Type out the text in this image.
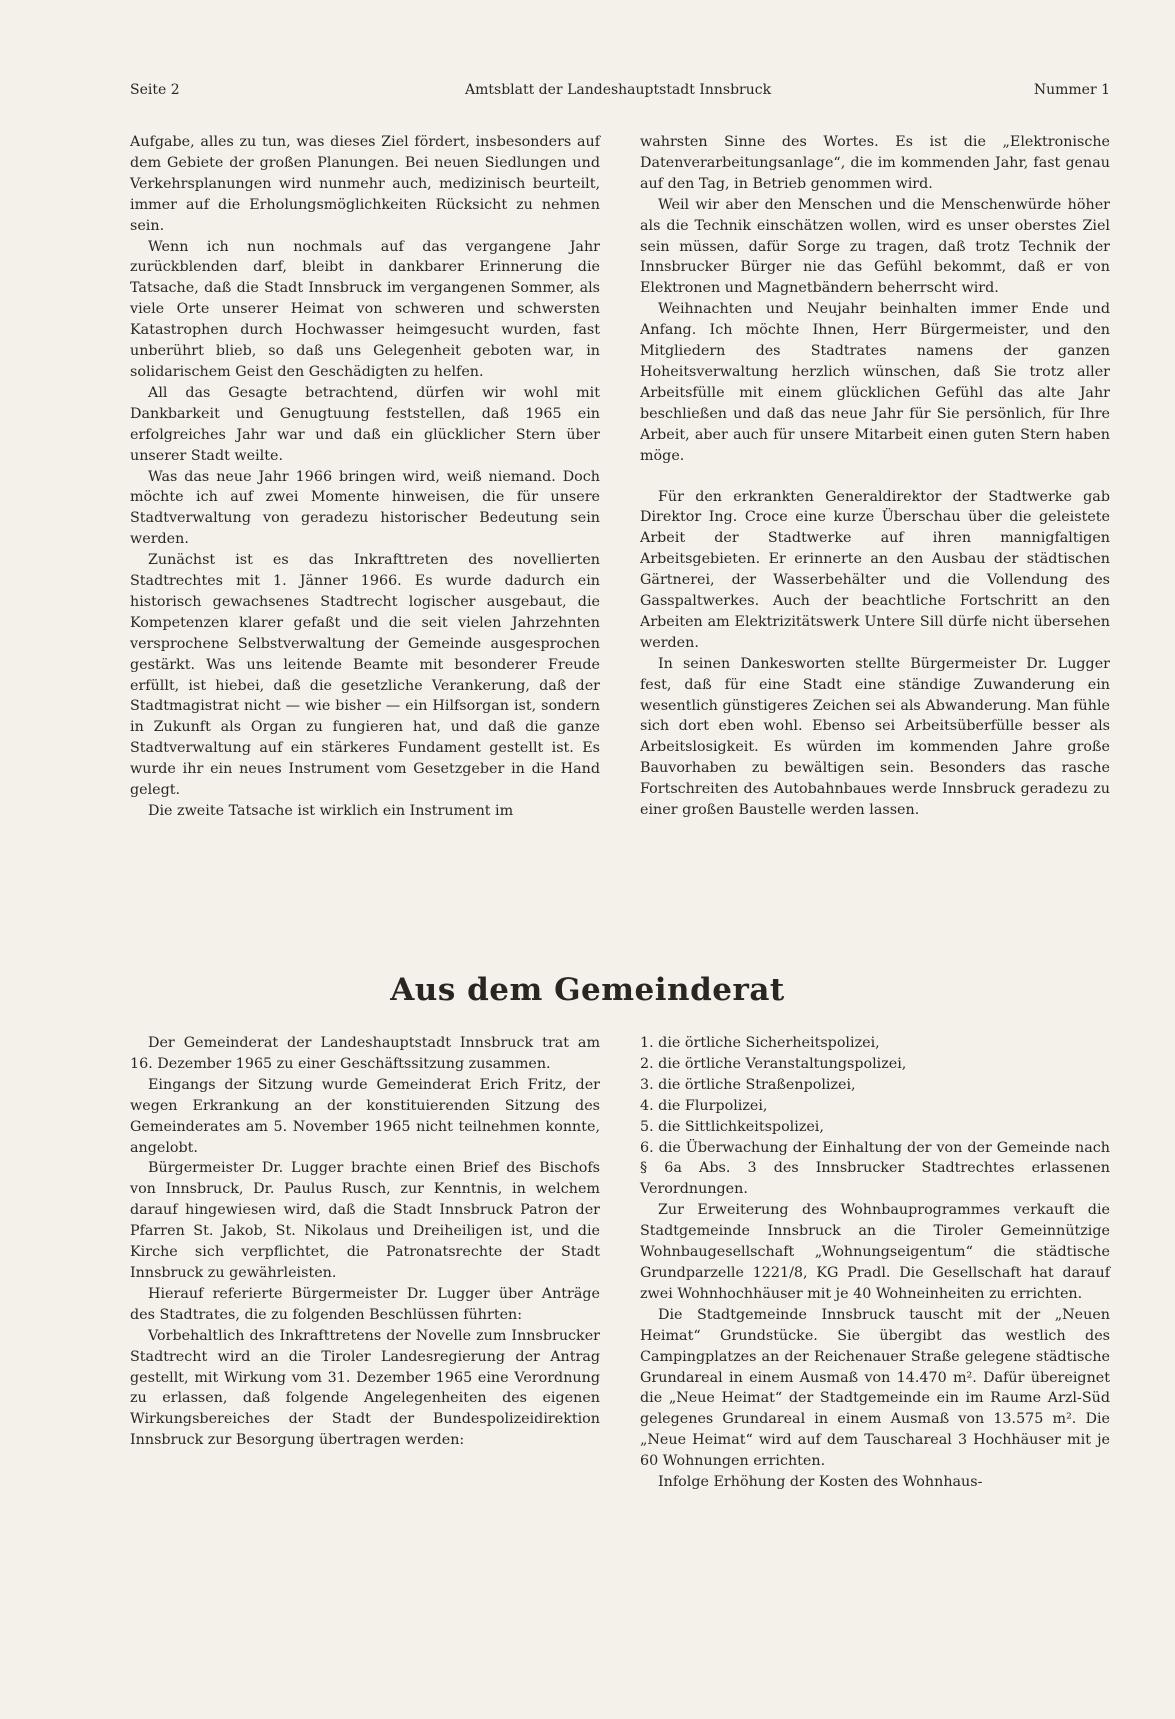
Seite 2	Amtsblatt der Landeshauptstadt Innsbruck	Nummer 1

Aufgabe, alles zu tun, was dieses Ziel fördert, insbesonders auf dem Gebiete der großen Planungen. Bei neuen Siedlungen und Verkehrsplanungen wird nunmehr auch, medizinisch beurteilt, immer auf die Erholungsmöglichkeiten Rücksicht zu nehmen sein.

Wenn ich nun nochmals auf das vergangene Jahr zurückblenden darf, bleibt in dankbarer Erinnerung die Tatsache, daß die Stadt Innsbruck im vergangenen Sommer, als viele Orte unserer Heimat von schweren und schwersten Katastrophen durch Hochwasser heimgesucht wurden, fast unberührt blieb, so daß uns Gelegenheit geboten war, in solidarischem Geist den Geschädigten zu helfen.

All das Gesagte betrachtend, dürfen wir wohl mit Dankbarkeit und Genugtuung feststellen, daß 1965 ein erfolgreiches Jahr war und daß ein glücklicher Stern über unserer Stadt weilte.

Was das neue Jahr 1966 bringen wird, weiß niemand. Doch möchte ich auf zwei Momente hinweisen, die für unsere Stadtverwaltung von geradezu historischer Bedeutung sein werden.

Zunächst ist es das Inkrafttreten des novellierten Stadtrechtes mit 1. Jänner 1966. Es wurde dadurch ein historisch gewachsenes Stadtrecht logischer ausgebaut, die Kompetenzen klarer gefaßt und die seit vielen Jahrzehnten versprochene Selbstverwaltung der Gemeinde ausgesprochen gestärkt. Was uns leitende Beamte mit besonderer Freude erfüllt, ist hiebei, daß die gesetzliche Verankerung, daß der Stadtmagistrat nicht — wie bisher — ein Hilfsorgan ist, sondern in Zukunft als Organ zu fungieren hat, und daß die ganze Stadtverwaltung auf ein stärkeres Fundament gestellt ist. Es wurde ihr ein neues Instrument vom Gesetzgeber in die Hand gelegt.

Die zweite Tatsache ist wirklich ein Instrument im

wahrsten Sinne des Wortes. Es ist die „Elektronische Datenverarbeitungsanlage“, die im kommenden Jahr, fast genau auf den Tag, in Betrieb genommen wird.

Weil wir aber den Menschen und die Menschenwürde höher als die Technik einschätzen wollen, wird es unser oberstes Ziel sein müssen, dafür Sorge zu tragen, daß trotz Technik der Innsbrucker Bürger nie das Gefühl bekommt, daß er von Elektronen und Magnetbändern beherrscht wird.

Weihnachten und Neujahr beinhalten immer Ende und Anfang. Ich möchte Ihnen, Herr Bürgermeister, und den Mitgliedern des Stadtrates namens der ganzen Hoheitsverwaltung herzlich wünschen, daß Sie trotz aller Arbeitsfülle mit einem glücklichen Gefühl das alte Jahr beschließen und daß das neue Jahr für Sie persönlich, für Ihre Arbeit, aber auch für unsere Mitarbeit einen guten Stern haben möge.

Für den erkrankten Generaldirektor der Stadtwerke gab Direktor Ing. Croce eine kurze Überschau über die geleistete Arbeit der Stadtwerke auf ihren mannigfaltigen Arbeitsgebieten. Er erinnerte an den Ausbau der städtischen Gärtnerei, der Wasserbehälter und die Vollendung des Gasspaltwerkes. Auch der beachtliche Fortschritt an den Arbeiten am Elektrizitätswerk Untere Sill dürfe nicht übersehen werden.

In seinen Dankesworten stellte Bürgermeister Dr. Lugger fest, daß für eine Stadt eine ständige Zuwanderung ein wesentlich günstigeres Zeichen sei als Abwanderung. Man fühle sich dort eben wohl. Ebenso sei Arbeitsüberfülle besser als Arbeitslosigkeit. Es würden im kommenden Jahre große Bauvorhaben zu bewältigen sein. Besonders das rasche Fortschreiten des Autobahnbaues werde Innsbruck geradezu zu einer großen Baustelle werden lassen.

Aus dem Gemeinderat

Der Gemeinderat der Landeshauptstadt Innsbruck trat am 16. Dezember 1965 zu einer Geschäftssitzung zusammen.

Eingangs der Sitzung wurde Gemeinderat Erich Fritz, der wegen Erkrankung an der konstituierenden Sitzung des Gemeinderates am 5. November 1965 nicht teilnehmen konnte, angelobt.

Bürgermeister Dr. Lugger brachte einen Brief des Bischofs von Innsbruck, Dr. Paulus Rusch, zur Kenntnis, in welchem darauf hingewiesen wird, daß die Stadt Innsbruck Patron der Pfarren St. Jakob, St. Nikolaus und Dreiheiligen ist, und die Kirche sich verpflichtet, die Patronatsrechte der Stadt Innsbruck zu gewährleisten.

Hierauf referierte Bürgermeister Dr. Lugger über Anträge des Stadtrates, die zu folgenden Beschlüssen führten:

Vorbehaltlich des Inkrafttretens der Novelle zum Innsbrucker Stadtrecht wird an die Tiroler Landesregierung der Antrag gestellt, mit Wirkung vom 31. Dezember 1965 eine Verordnung zu erlassen, daß folgende Angelegenheiten des eigenen Wirkungsbereiches der Stadt der Bundespolizeidirektion Innsbruck zur Besorgung übertragen werden:

1. die örtliche Sicherheitspolizei,
2. die örtliche Veranstaltungspolizei,
3. die örtliche Straßenpolizei,
4. die Flurpolizei,
5. die Sittlichkeitspolizei,
6. die Überwachung der Einhaltung der von der Gemeinde nach § 6a Abs. 3 des Innsbrucker Stadtrechtes erlassenen Verordnungen.

Zur Erweiterung des Wohnbauprogrammes verkauft die Stadtgemeinde Innsbruck an die Tiroler Gemeinnützige Wohnbaugesellschaft „Wohnungseigentum“ die städtische Grundparzelle 1221/8, KG Pradl. Die Gesellschaft hat darauf zwei Wohnhochhäuser mit je 40 Wohneinheiten zu errichten.

Die Stadtgemeinde Innsbruck tauscht mit der „Neuen Heimat“ Grundstücke. Sie übergibt das westlich des Campingplatzes an der Reichenauer Straße gelegene städtische Grundareal in einem Ausmaß von 14.470 m². Dafür übereignet die „Neue Heimat“ der Stadtgemeinde ein im Raume Arzl-Süd gelegenes Grundareal in einem Ausmaß von 13.575 m². Die „Neue Heimat“ wird auf dem Tauschareal 3 Hochhäuser mit je 60 Wohnungen errichten.

Infolge Erhöhung der Kosten des Wohnhaus-
